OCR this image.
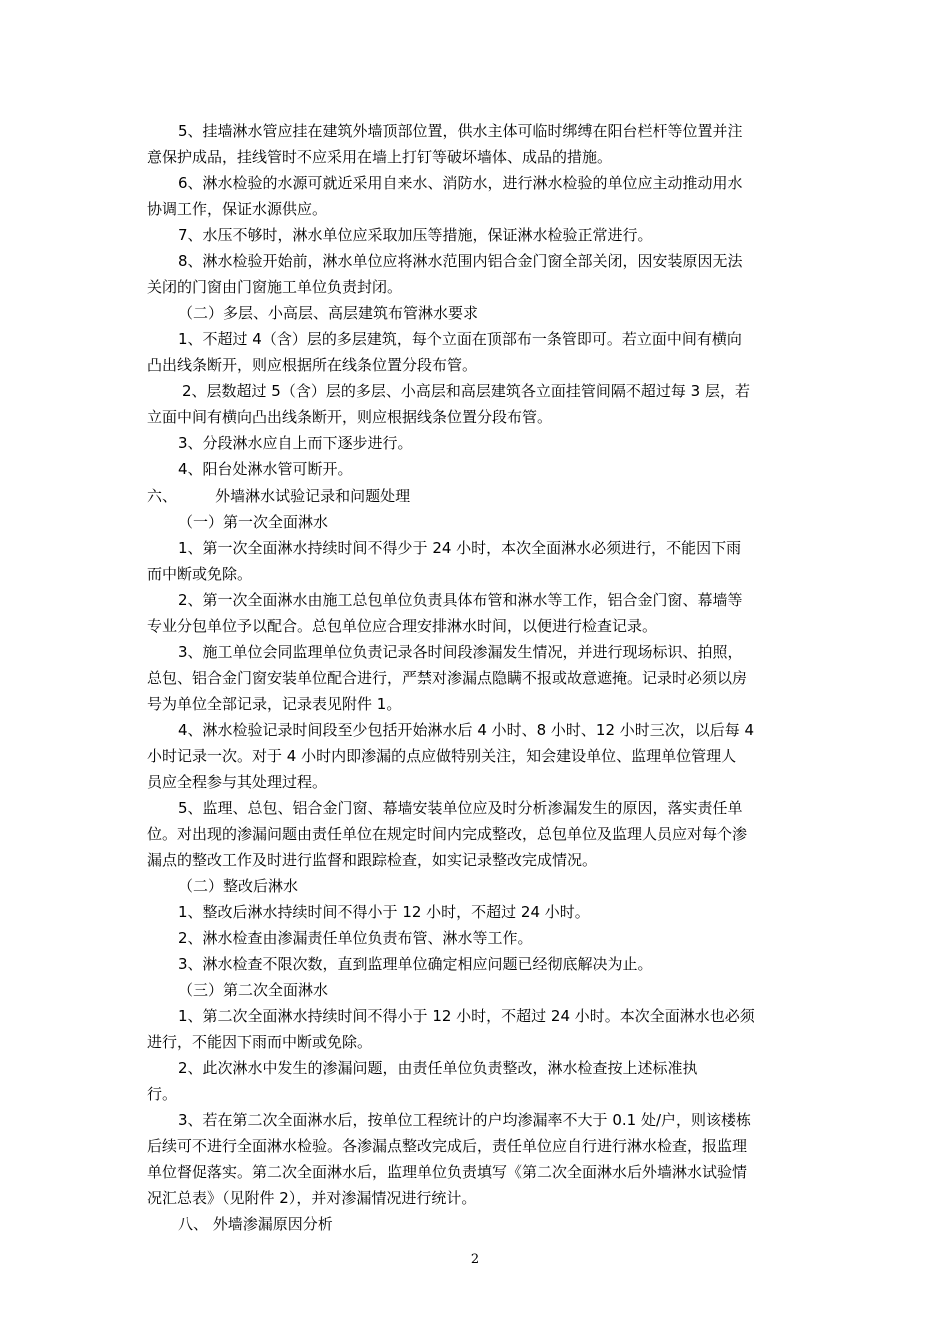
5、挂墙淋水管应挂在建筑外墙顶部位置，供水主体可临时绑缚在阳台栏杆等位置并注
意保护成品，挂线管时不应采用在墙上打钉等破坏墙体、成品的措施。
6、淋水检验的水源可就近采用自来水、消防水，进行淋水检验的单位应主动推动用水
协调工作，保证水源供应。
7、水压不够时，淋水单位应采取加压等措施，保证淋水检验正常进行。
8、淋水检验开始前，淋水单位应将淋水范围内铝合金门窗全部关闭，因安装原因无法
关闭的门窗由门窗施工单位负责封闭。
（二）多层、小高层、高层建筑布管淋水要求
1、不超过 4（含）层的多层建筑，每个立面在顶部布一条管即可。若立面中间有横向
凸出线条断开，则应根据所在线条位置分段布管。
2、层数超过 5（含）层的多层、小高层和高层建筑各立面挂管间隔不超过每 3 层，若
立面中间有横向凸出线条断开，则应根据线条位置分段布管。
3、分段淋水应自上而下逐步进行。
4、阳台处淋水管可断开。
六、        外墙淋水试验记录和问题处理
（一）第一次全面淋水
1、第一次全面淋水持续时间不得少于 24 小时，本次全面淋水必须进行，不能因下雨
而中断或免除。
2、第一次全面淋水由施工总包单位负责具体布管和淋水等工作，铝合金门窗、幕墙等
专业分包单位予以配合。总包单位应合理安排淋水时间，以便进行检查记录。
3、施工单位会同监理单位负责记录各时间段渗漏发生情况，并进行现场标识、拍照，
总包、铝合金门窗安装单位配合进行，严禁对渗漏点隐瞒不报或故意遮掩。记录时必须以房
号为单位全部记录，记录表见附件 1。
4、淋水检验记录时间段至少包括开始淋水后 4 小时、8 小时、12 小时三次，以后每 4
小时记录一次。对于 4 小时内即渗漏的点应做特别关注，知会建设单位、监理单位管理人
员应全程参与其处理过程。
5、监理、总包、铝合金门窗、幕墙安装单位应及时分析渗漏发生的原因，落实责任单
位。对出现的渗漏问题由责任单位在规定时间内完成整改，总包单位及监理人员应对每个渗
漏点的整改工作及时进行监督和跟踪检查，如实记录整改完成情况。
（二）整改后淋水
1、整改后淋水持续时间不得小于 12 小时，不超过 24 小时。
2、淋水检查由渗漏责任单位负责布管、淋水等工作。
3、淋水检查不限次数，直到监理单位确定相应问题已经彻底解决为止。
（三）第二次全面淋水
1、第二次全面淋水持续时间不得小于 12 小时，不超过 24 小时。本次全面淋水也必须
进行，不能因下雨而中断或免除。
2、此次淋水中发生的渗漏问题，由责任单位负责整改，淋水检查按上述标准执
行。
3、若在第二次全面淋水后，按单位工程统计的户均渗漏率不大于 0.1 处/户，则该楼栋
后续可不进行全面淋水检验。各渗漏点整改完成后，责任单位应自行进行淋水检查，报监理
单位督促落实。第二次全面淋水后，监理单位负责填写《第二次全面淋水后外墙淋水试验情
况汇总表》（见附件 2），并对渗漏情况进行统计。
八、 外墙渗漏原因分析
2
